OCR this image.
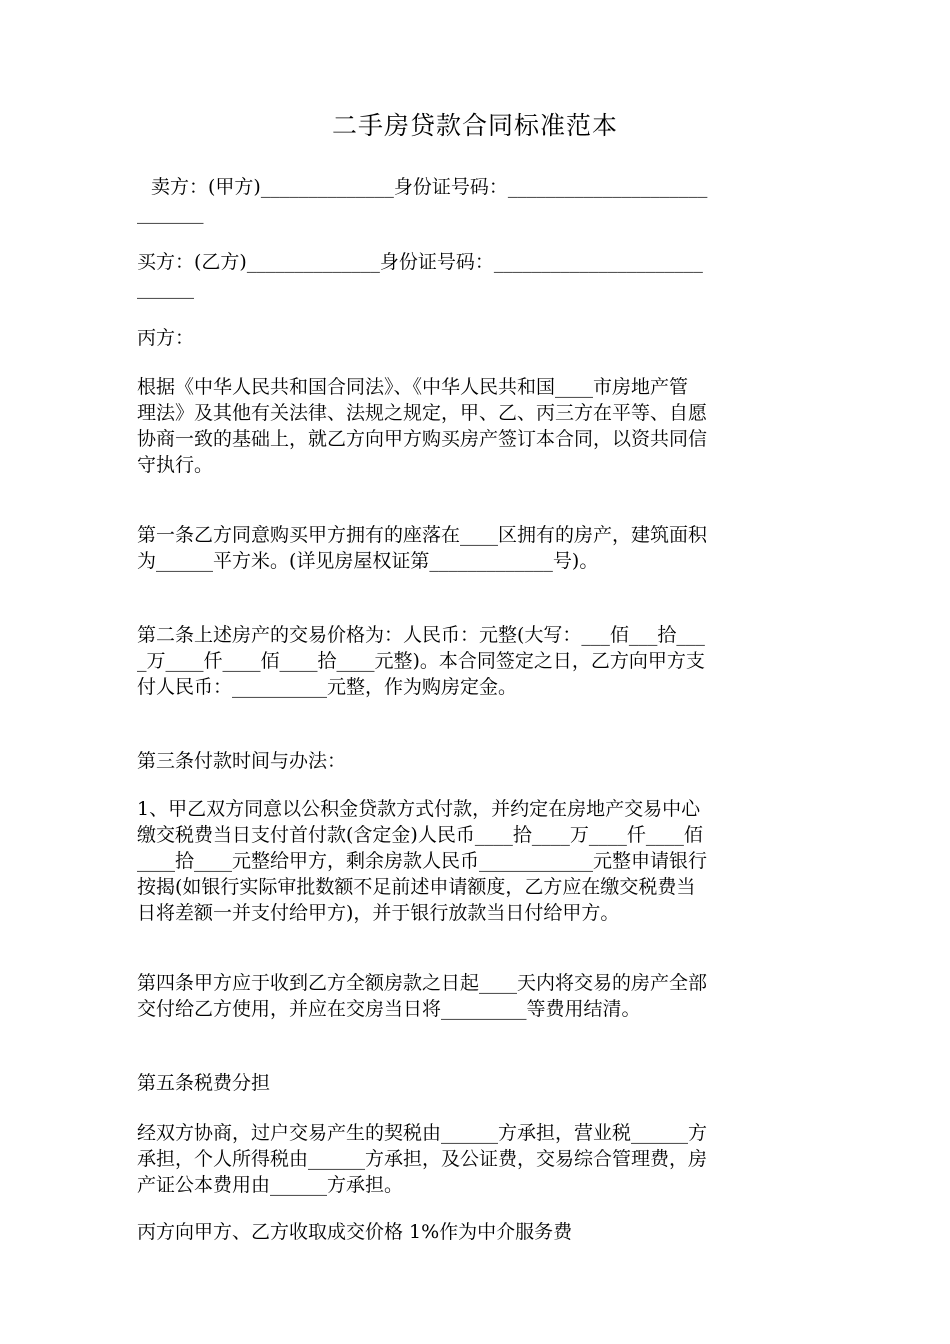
二手房贷款合同标准范本
卖方：(甲方)______________身份证号码：_____________________
_______
买方：(乙方)______________身份证号码：______________________
______
丙方：
根据《中华人民共和国合同法》、《中华人民共和国____市房地产管
理法》及其他有关法律、法规之规定，甲、乙、丙三方在平等、自愿
协商一致的基础上，就乙方向甲方购买房产签订本合同，以资共同信
守执行。
第一条乙方同意购买甲方拥有的座落在____区拥有的房产，建筑面积
为______平方米。(详见房屋权证第_____________号)。
第二条上述房产的交易价格为：人民币：元整(大写：___佰___拾___
_万____仟____佰____拾____元整)。本合同签定之日，乙方向甲方支
付人民币：__________元整，作为购房定金。
第三条付款时间与办法：
1、甲乙双方同意以公积金贷款方式付款，并约定在房地产交易中心
缴交税费当日支付首付款(含定金)人民币____拾____万____仟____佰
____拾____元整给甲方，剩余房款人民币____________元整申请银行
按揭(如银行实际审批数额不足前述申请额度，乙方应在缴交税费当
日将差额一并支付给甲方)，并于银行放款当日付给甲方。
第四条甲方应于收到乙方全额房款之日起____天内将交易的房产全部
交付给乙方使用，并应在交房当日将_________等费用结清。
第五条税费分担
经双方协商，过户交易产生的契税由______方承担，营业税______方
承担，个人所得税由______方承担，及公证费，交易综合管理费，房
产证公本费用由______方承担。
丙方向甲方、乙方收取成交价格 1%作为中介服务费
